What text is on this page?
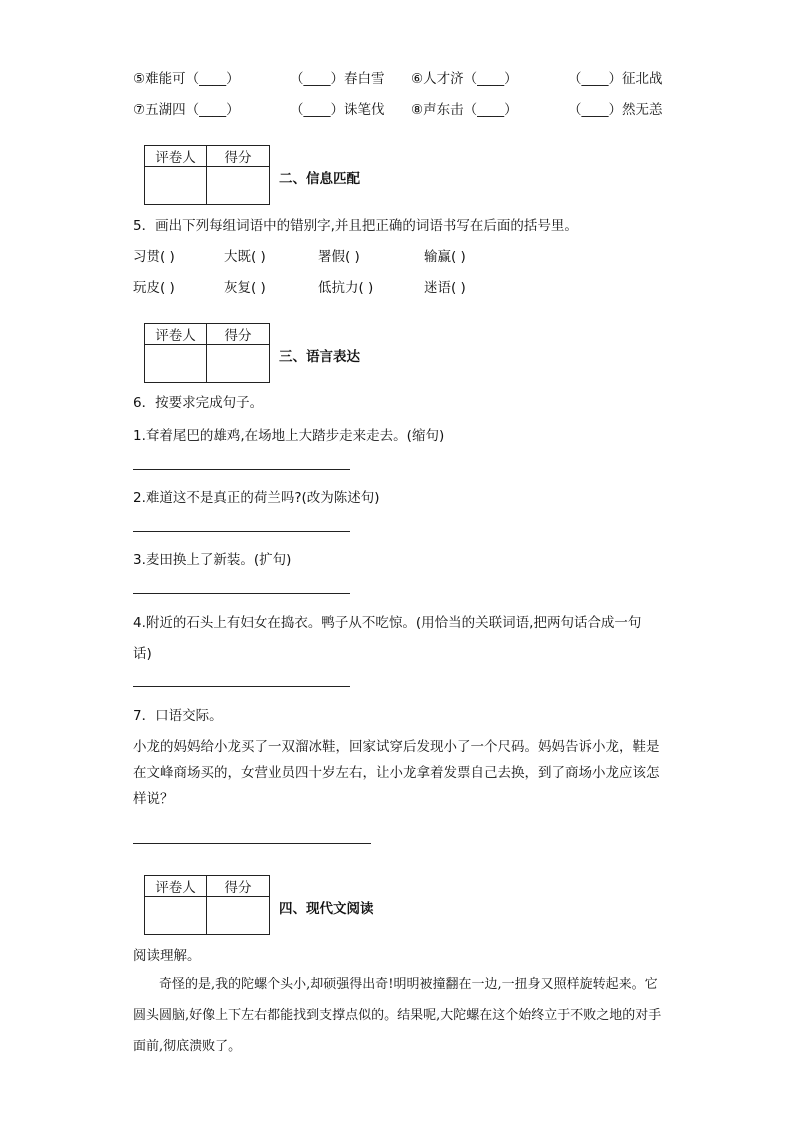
⑤难能可（____）	（____）春白雪 ⑥人才济（____）	（____）征北战
⑦五湖四（____）	（____）诛笔伐 ⑧声东击（____）	（____）然无恙
评卷人	得分

二、信息匹配
5．画出下列每组词语中的错别字,并且把正确的词语书写在后面的括号里。
习贯( )	大既( )	署假( )	输赢( )
玩皮( )	灰复( )	低抗力( )	迷语( )
评卷人	得分

三、语言表达
6．按要求完成句子。
1.耷着尾巴的雄鸡,在场地上大踏步走来走去。(缩句)
2.难道这不是真正的荷兰吗?(改为陈述句)
3.麦田换上了新装。(扩句)
4.附近的石头上有妇女在捣衣。鸭子从不吃惊。(用恰当的关联词语,把两句话合成一句
话)
7．口语交际。
小龙的妈妈给小龙买了一双溜冰鞋，回家试穿后发现小了一个尺码。妈妈告诉小龙，鞋是在文峰商场买的，女营业员四十岁左右，让小龙拿着发票自己去换，到了商场小龙应该怎样说？
评卷人	得分

四、现代文阅读
阅读理解。
奇怪的是,我的陀螺个头小,却硕强得出奇!明明被撞翻在一边,一扭身又照样旋转起来。它圆头圆脑,好像上下左右都能找到支撑点似的。结果呢,大陀螺在这个始终立于不败之地的对手面前,彻底溃败了。
